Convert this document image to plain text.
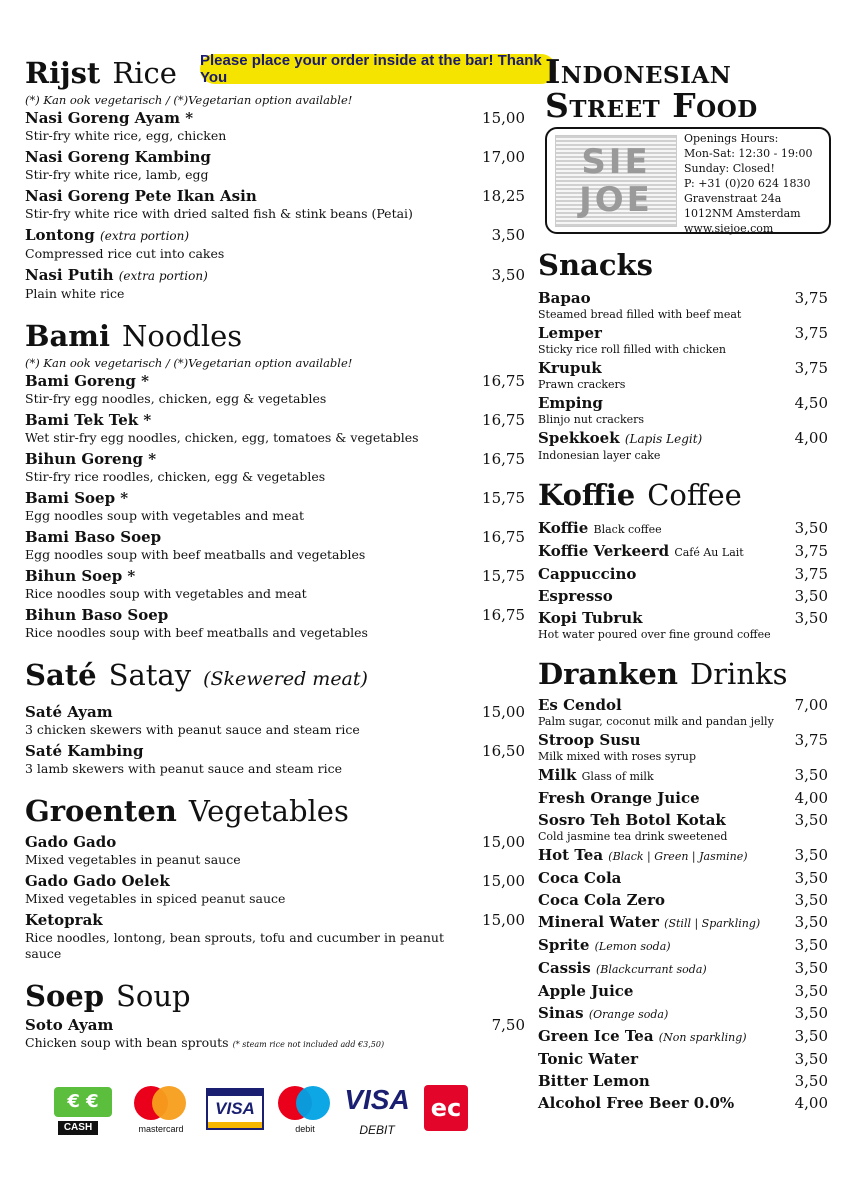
Please place your order inside at the bar! Thank You	Indonesian
Street Food
SIE
JOE
Openings Hours:
Mon-Sat: 12:30 - 19:00
Sunday: Closed!
P: +31 (0)20 624 1830
Gravenstraat 24a
1012NM Amsterdam
www.siejoe.com
Rijst Rice
(*) Kan ook vegetarisch / (*)Vegetarian option available!
Nasi Goreng Ayam *
Stir-fry white rice, egg, chicken
15,00
Nasi Goreng Kambing
Stir-fry white rice, lamb, egg
17,00
Nasi Goreng Pete Ikan Asin
Stir-fry white rice with dried salted fish & stink beans (Petai)
18,25
Lontong (extra portion)
Compressed rice cut into cakes
3,50
Nasi Putih (extra portion)
Plain white rice
3,50
Bami Noodles
(*) Kan ook vegetarisch / (*)Vegetarian option available!
Bami Goreng *
Stir-fry egg noodles, chicken, egg & vegetables
16,75
Bami Tek Tek *
Wet stir-fry egg noodles, chicken, egg, tomatoes & vegetables
16,75
Bihun Goreng *
Stir-fry rice roodles, chicken, egg & vegetables
16,75
Bami Soep *
Egg noodles soup with vegetables and meat
15,75
Bami Baso Soep
Egg noodles soup with beef meatballs and vegetables
16,75
Bihun Soep *
Rice noodles soup with vegetables and meat
15,75
Bihun Baso Soep
Rice noodles soup with beef meatballs and vegetables
16,75
Saté Satay (Skewered meat)
Saté Ayam
3 chicken skewers with peanut sauce and steam rice
15,00
Saté Kambing
3 lamb skewers with peanut sauce and steam rice
16,50
Groenten Vegetables
Gado Gado
Mixed vegetables in peanut sauce
15,00
Gado Gado Oelek
Mixed vegetables in spiced peanut sauce
15,00
Ketoprak
Rice noodles, lontong, bean sprouts, tofu and cucumber in peanut sauce
15,00
Soep Soup
Soto Ayam
Chicken soup with bean sprouts (* steam rice not included add €3,50)
7,50
Snacks
Bapao
Steamed bread filled with beef meat
3,75
Lemper
Sticky rice roll filled with chicken
3,75
Krupuk
Prawn crackers
3,75
Emping
Blinjo nut crackers
4,50
Spekkoek (Lapis Legit)
Indonesian layer cake
4,00
Koffie Coffee
Koffie Black coffee	3,50
Koffie Verkeerd Café Au Lait	3,75
Cappuccino	3,75
Espresso	3,50
Kopi Tubruk
Hot water poured over fine ground coffee
3,50
Dranken Drinks
Es Cendol
Palm sugar, coconut milk and pandan jelly
7,00
Stroop Susu
Milk mixed with roses syrup
3,75
Milk Glass of milk	3,50
Fresh Orange Juice	4,00
Sosro Teh Botol Kotak
Cold jasmine tea drink sweetened
3,50
Hot Tea (Black | Green | Jasmine)	3,50
Coca Cola	3,50
Coca Cola Zero	3,50
Mineral Water (Still | Sparkling)	3,50
Sprite (Lemon soda)	3,50
Cassis (Blackcurrant soda)	3,50
Apple Juice	3,50
Sinas (Orange soda)	3,50
Green Ice Tea (Non sparkling)	3,50
Tonic Water	3,50
Bitter Lemon	3,50
Alcohol Free Beer 0.0%	4,00
€ €
CASH	mastercard
VISA
debit
VISA
DEBIT
ec
